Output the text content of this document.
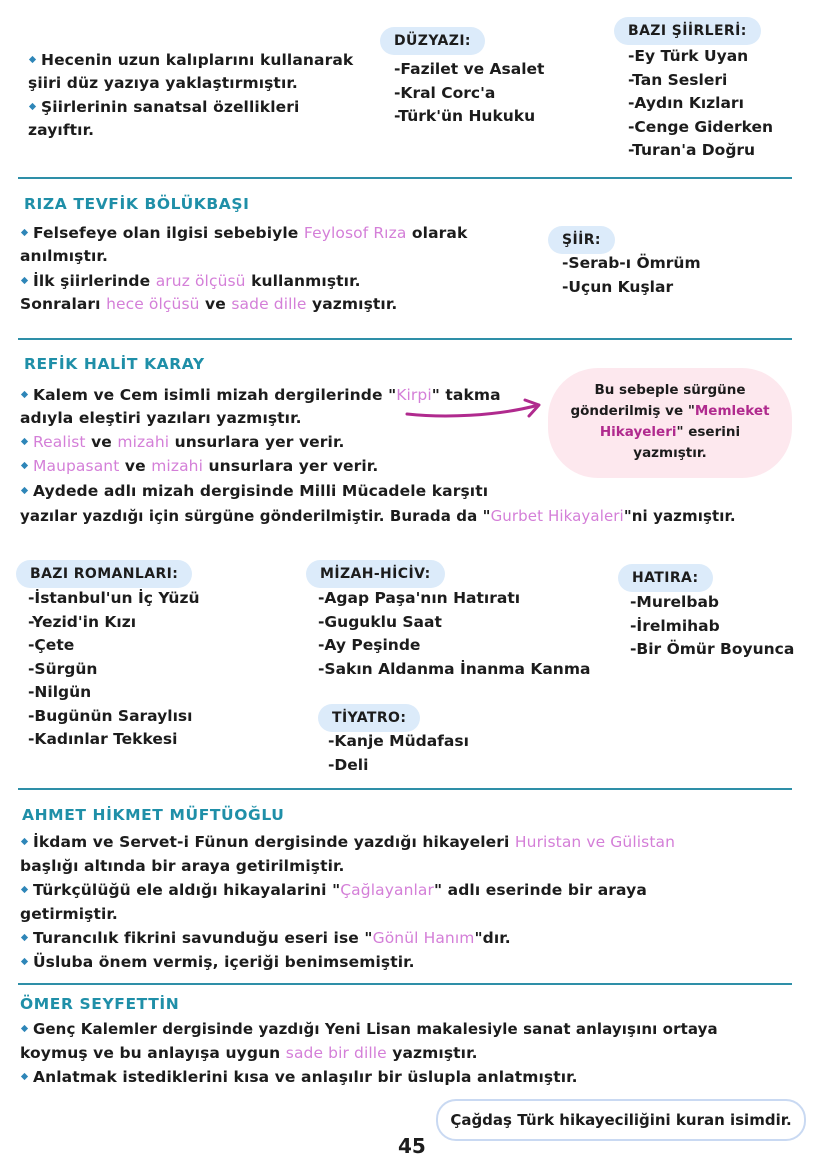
Hecenin uzun kalıplarını kullanarak
şiiri düz yazıya yaklaştırmıştır.
Şiirlerinin sanatsal özellikleri
zayıftır.
DÜZYAZI:
-Fazilet ve Asalet
-Kral Corc'a
-Türk'ün Hukuku
BAZI ŞİİRLERİ:
-Ey Türk Uyan
-Tan Sesleri
-Aydın Kızları
-Cenge Giderken
-Turan'a Doğru
RIZA TEVFİK BÖLÜKBAŞI
Felsefeye olan ilgisi sebebiyle Feylosof Rıza olarak
anılmıştır.
İlk şiirlerinde aruz ölçüsü kullanmıştır.
Sonraları hece ölçüsü ve sade dille yazmıştır.
ŞİİR:
-Serab-ı Ömrüm
-Uçun Kuşlar
REFİK HALİT KARAY
Kalem ve Cem isimli mizah dergilerinde "Kirpi" takma
adıyla eleştiri yazıları yazmıştır.
Realist ve mizahi unsurlara yer verir.
Maupasant ve mizahi unsurlara yer verir.
Aydede adlı mizah dergisinde Milli Mücadele karşıtı
yazılar yazdığı için sürgüne gönderilmiştir. Burada da "Gurbet Hikayaleri"ni yazmıştır.
Bu sebeple sürgüne
gönderilmiş ve "Memleket
Hikayeleri" eserini
yazmıştır.
BAZI ROMANLARI:
-İstanbul'un İç Yüzü
-Yezid'in Kızı
-Çete
-Sürgün
-Nilgün
-Bugünün Saraylısı
-Kadınlar Tekkesi
MİZAH-HİCİV:
-Agap Paşa'nın Hatıratı
-Guguklu Saat
-Ay Peşinde
-Sakın Aldanma İnanma Kanma
TİYATRO:
-Kanje Müdafası
-Deli
HATIRA:
-Murelbab
-İrelmihab
-Bir Ömür Boyunca
AHMET HİKMET MÜFTÜOĞLU
İkdam ve Servet-i Fünun dergisinde yazdığı hikayeleri Huristan ve Gülistan
başlığı altında bir araya getirilmiştir.
Türkçülüğü ele aldığı hikayalarini "Çağlayanlar" adlı eserinde bir araya
getirmiştir.
Turancılık fikrini savunduğu eseri ise "Gönül Hanım"dır.
Üsluba önem vermiş, içeriği benimsemiştir.
ÖMER SEYFETTİN
Genç Kalemler dergisinde yazdığı Yeni Lisan makalesiyle sanat anlayışını ortaya
koymuş ve bu anlayışa uygun sade bir dille yazmıştır.
Anlatmak istediklerini kısa ve anlaşılır bir üslupla anlatmıştır.
Çağdaş Türk hikayeciliğini kuran isimdir.
45
